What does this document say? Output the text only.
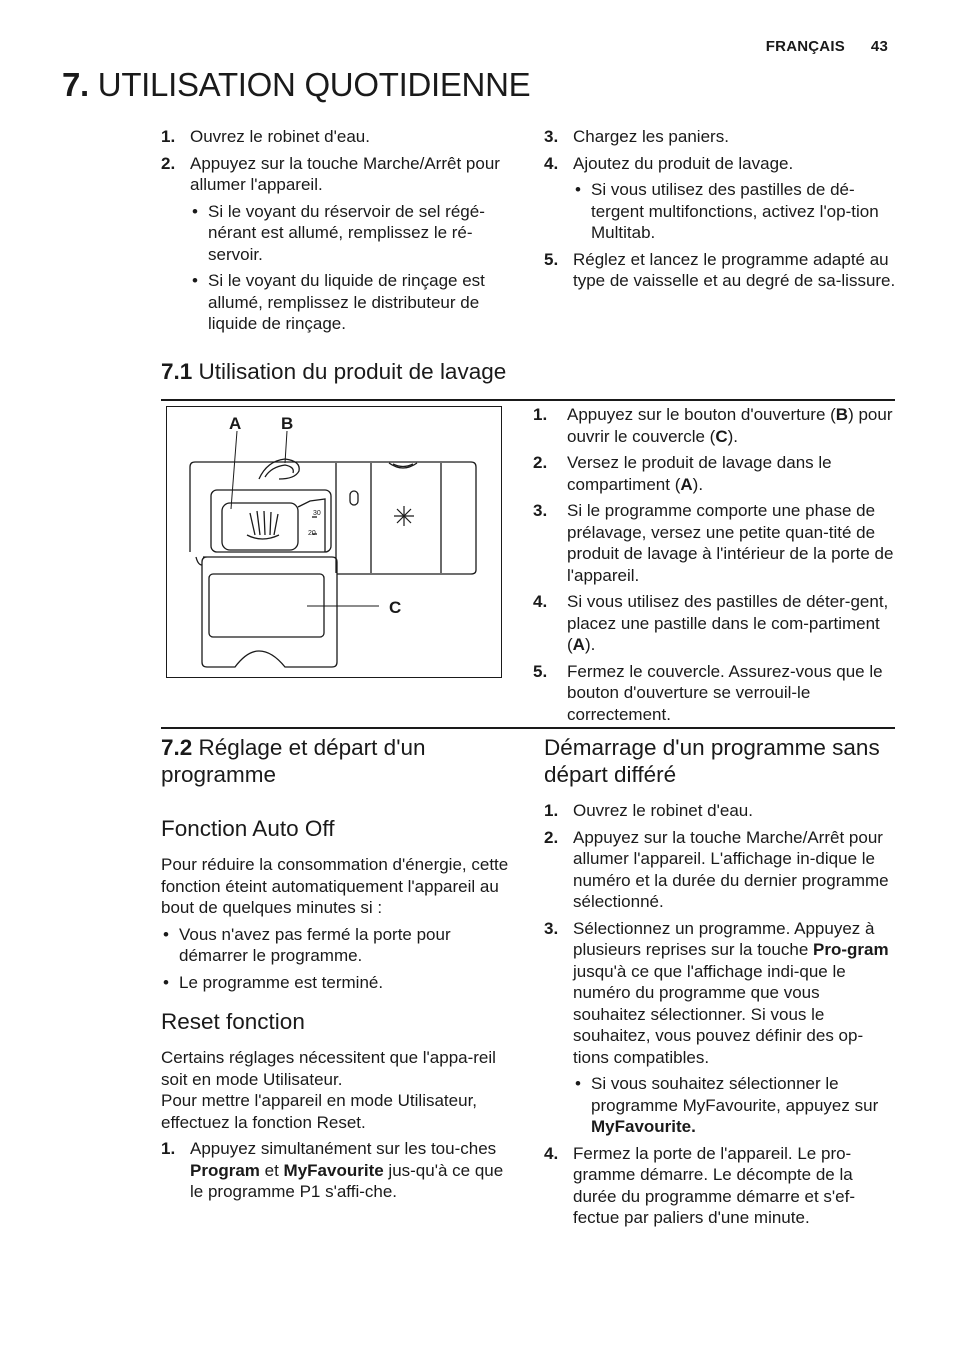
FRANÇAIS 43
7. UTILISATION QUOTIDIENNE
1. Ouvrez le robinet d'eau.
2. Appuyez sur la touche Marche/Arrêt pour allumer l'appareil.
• Si le voyant du réservoir de sel régé-nérant est allumé, remplissez le ré-servoir.
• Si le voyant du liquide de rinçage est allumé, remplissez le distributeur de liquide de rinçage.
3. Chargez les paniers.
4. Ajoutez du produit de lavage.
• Si vous utilisez des pastilles de dé-tergent multifonctions, activez l'op-tion Multitab.
5. Réglez et lancez le programme adapté au type de vaisselle et au degré de sa-lissure.
7.1 Utilisation du produit de lavage
A B
C
30
20
1. Appuyez sur le bouton d'ouverture (B) pour ouvrir le couvercle (C).
2. Versez le produit de lavage dans le compartiment (A).
3. Si le programme comporte une phase de prélavage, versez une petite quan-tité de produit de lavage à l'intérieur de la porte de l'appareil.
4. Si vous utilisez des pastilles de déter-gent, placez une pastille dans le com-partiment (A).
5. Fermez le couvercle. Assurez-vous que le bouton d'ouverture se verrouil-le correctement.
7.2 Réglage et départ d'un programme
Fonction Auto Off

Pour réduire la consommation d'énergie, cette fonction éteint automatiquement l'appareil au bout de quelques minutes si :

• Vous n'avez pas fermé la porte pour démarrer le programme.
• Le programme est terminé.
Reset fonction

Certains réglages nécessitent que l'appa-reil soit en mode Utilisateur.

Pour mettre l'appareil en mode Utilisateur, effectuez la fonction Reset.

1. Appuyez simultanément sur les tou-ches Program et MyFavourite jus-qu'à ce que le programme P1 s'affi-che.
Démarrage d'un programme sans départ différé
1. Ouvrez le robinet d'eau.
2. Appuyez sur la touche Marche/Arrêt pour allumer l'appareil. L'affichage in-dique le numéro et la durée du dernier programme sélectionné.
3. Sélectionnez un programme. Appuyez à plusieurs reprises sur la touche Pro-gram jusqu'à ce que l'affichage indi-que le numéro du programme que vous souhaitez sélectionner. Si vous le souhaitez, vous pouvez définir des op-tions compatibles.
• Si vous souhaitez sélectionner le programme MyFavourite, appuyez sur MyFavourite.
4. Fermez la porte de l'appareil. Le pro-gramme démarre. Le décompte de la durée du programme démarre et s'ef-fectue par paliers d'une minute.
